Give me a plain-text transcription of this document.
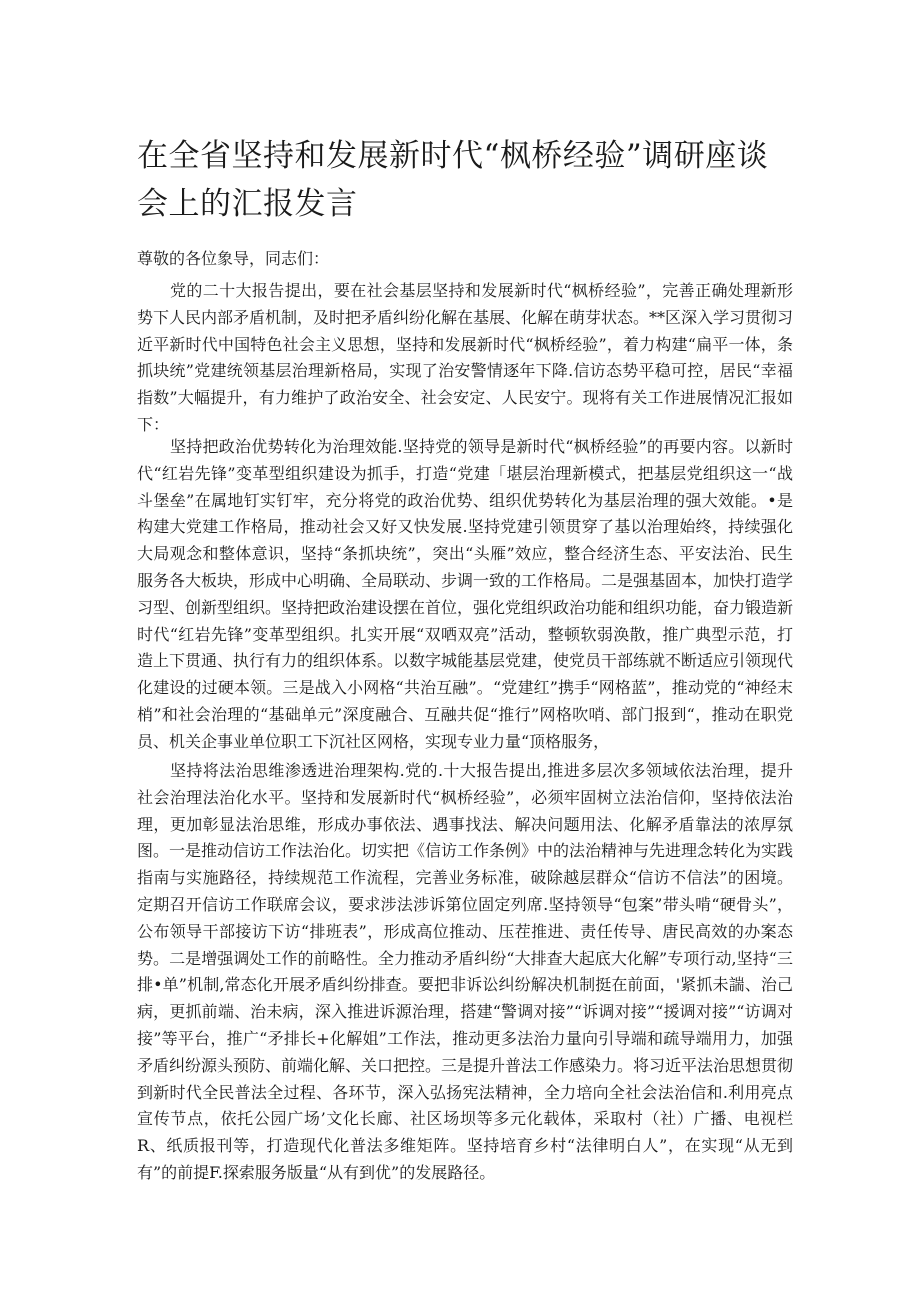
在全省坚持和发展新时代“枫桥经验”调研座谈会上的汇报发言

尊敬的各位象导，同志们：

党的二十大报告提出，要在社会基层坚持和发展新时代“枫桥经验”，完善正确处理新形势下人民内部矛盾机制，及时把矛盾纠纷化解在基展、化解在萌芽状态。**区深入学习贯彻习近平新时代中国特色社会主义思想，坚持和发展新时代“枫桥经验”，着力构建“扁平一体，条抓块统”党建统领基层治理新格局，实现了治安警情逐年下降.信访态势平稳可控，居民“幸福指数”大幅提升，有力维护了政治安全、社会安定、人民安宁。现将有关工作进展情况汇报如下：

坚持把政治优势转化为治理效能.坚持党的领导是新时代“枫桥经验”的再要内容。以新时代“红岩先锋”变革型组织建设为抓手，打造“党建「堪层治理新模式，把基层党组织这一“战斗堡垒”在属地钉实钉牢，充分将党的政治优势、组织优势转化为基层治理的强大效能。•是构建大党建工作格局，推动社会又好又快发展.坚持党建引领贯穿了基以治理始终，持续强化大局观念和整体意识，坚持“条抓块统”，突出“头雁”效应，整合经济生态、平安法治、民生服务各大板块，形成中心明确、全局联动、步调一致的工作格局。二是强基固本，加快打造学习型、创新型组织。坚持把政治建设摆在首位，强化党组织政治功能和组织功能，奋力锻造新时代“红岩先锋”变革型组织。扎实开展“双哂双亮”活动，整顿软弱涣散，推广典型示范，打造上下贯通、执行有力的组织体系。以数字城能基层党建，使党员干部练就不断适应引领现代化建设的过硬本领。三是战入小网格“共治互融”。“党建红”携手“网格蓝”，推动党的“神经末梢”和社会治理的“基础单元”深度融合、互融共促“推行”网格吹哨、部门报到“，推动在职党员、机关企事业单位职工下沉社区网格，实现专业力量“顶格服务，

坚持将法治思维渗透进治理架构.党的.十大报告提出,推进多层次多领域依法治理，提升社会治理法治化水平。坚持和发展新时代“枫桥经验”，必须牢固树立法治信仰，坚持依法治理，更加彰显法治思维，形成办事依法、遇事找法、解决问题用法、化解矛盾靠法的浓厚氛图。一是推动信访工作法治化。切实把《信访工作条例》中的法治精神与先进理念转化为实践指南与实施路径，持续规范工作流程，完善业务标准，破除越层群众“信访不信法”的困境。定期召开信访工作联席会议，要求涉法涉诉第位固定列席.坚持领导“包案”带头啃“硬骨头”，公布领导干部接访下访“排班表”，形成高位推动、压茬推进、责任传导、唐民高效的办案态势。二是增强调处工作的前略性。全力推动矛盾纠纷“大排查大起底大化解”专项行动,坚持“三排•单”机制,常态化开展矛盾纠纷排查。要把非诉讼纠纷解决机制挺在前面，'紧抓未諯、治己病，更抓前端、治未病，深入推进诉源治理，搭建“警调对接”“诉调对接”“援调对接”“访调对接”等平台，推广“矛排长+化解姐”工作法，推动更多法治力量向引导端和疏导端用力，加强矛盾纠纷源头预防、前端化解、关口把控。三是提升普法工作感染力。将习近平法治思想贯彻到新时代全民普法全过程、各环节，深入弘扬宪法精神，全力培向全社会法治信和.利用亮点宣传节点，依托公园广场’文化长廊、社区场坝等多元化载体，采取村（社）广播、电视栏R、纸质报刊等，打造现代化普法多维矩阵。坚持培育乡村“法律明白人”，在实现“从无到有”的前提F.探索服务版量“从有到优”的发展路径。
